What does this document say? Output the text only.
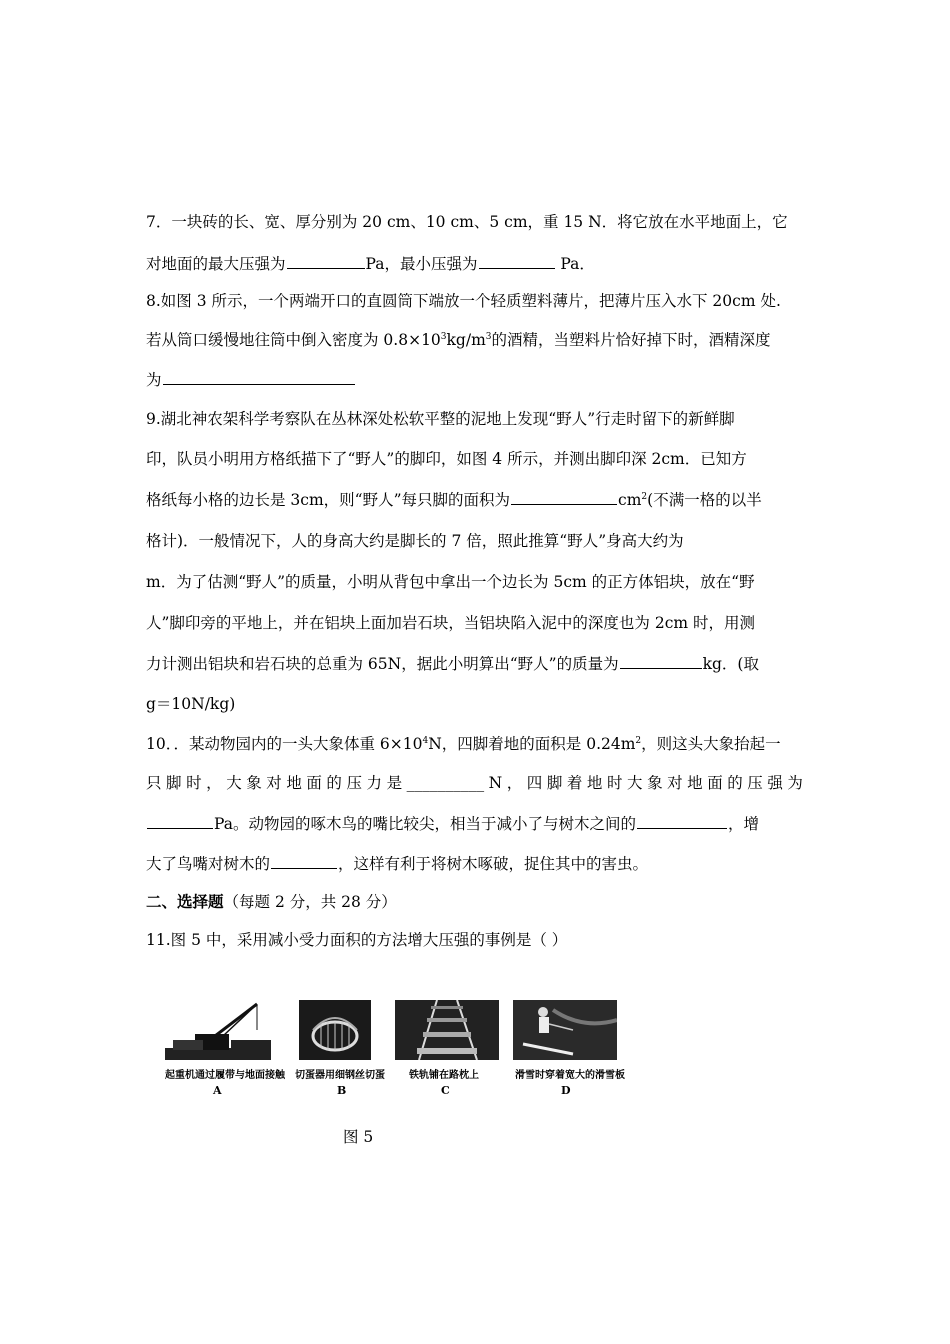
7．一块砖的长、宽、厚分别为 20 cm、10 cm、5 cm，重 15 N．将它放在水平地面上，它
对地面的最大压强为	Pa，最小压强为	Pa．
8.如图 3 所示，一个两端开口的直圆筒下端放一个轻质塑料薄片，把薄片压入水下 20cm 处.
若从筒口缓慢地往筒中倒入密度为 $0.8\times 10^3kg/m^3$的酒精，当塑料片恰好掉下时，酒精深度
为
9.湖北神农架科学考察队在丛林深处松软平整的泥地上发现“野人”行走时留下的新鲜脚
印，队员小明用方格纸描下了“野人”的脚印，如图 4 所示，并测出脚印深 2cm．已知方
格纸每小格的边长是 3cm，则“野人”每只脚的面积为	$cm^2$(不满一格的以半
格计)．一般情况下，人的身高大约是脚长的 7 倍，照此推算“野人”身高大约为
m．为了估测“野人”的质量，小明从背包中拿出一个边长为 5cm 的正方体铝块，放在“野
人”脚印旁的平地上，并在铝块上面加岩石块，当铝块陷入泥中的深度也为 2cm 时，用测
力计测出铝块和岩石块的总重为 65N，据此小明算出“野人”的质量为	kg．(取
g＝10N/kg)
10．．某动物园内的一头大象体重 $6\times 10^4N$，四脚着地的面积是 $0.24m^2$，则这头大象抬起一
只 脚 时 ， 大 象 对 地 面 的 压 力 是 __________ N ， 四 脚 着 地 时 大 象 对 地 面 的 压 强 为
Pa。动物园的啄木鸟的嘴比较尖，相当于减小了与树木之间的	，增
大了鸟嘴对树木的	，这样有利于将树木啄破，捉住其中的害虫。
二、选择题（每题 2 分，共 28 分）
11.图 5 中，采用减小受力面积的方法增大压强的事例是（ ）
起重机通过履带与地面接触 切蛋器用细钢丝切蛋 铁轨铺在路枕上	滑雪时穿着宽大的滑雪板
A	B	C	D
图 5
